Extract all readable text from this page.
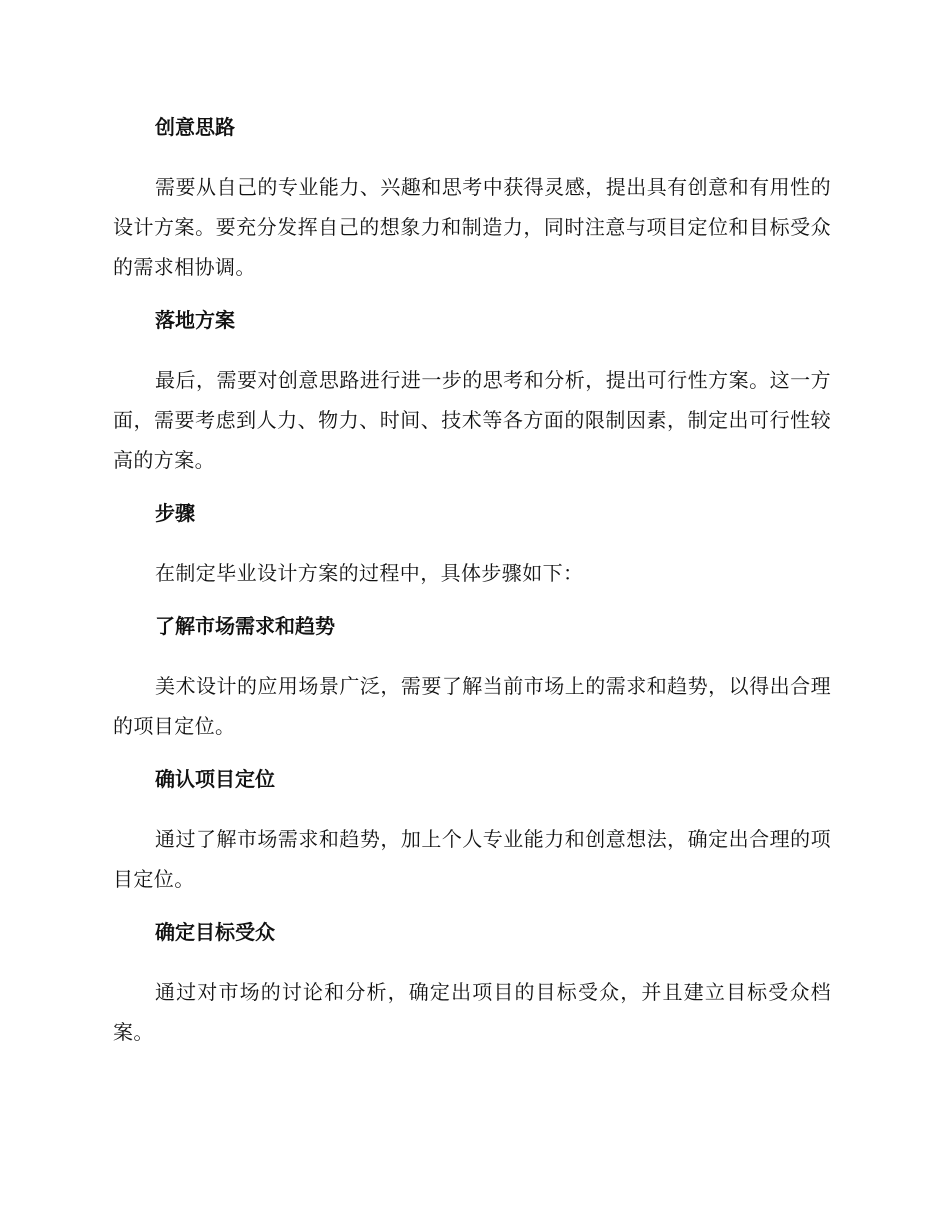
创意思路

需要从自己的专业能力、兴趣和思考中获得灵感，提出具有创意和有用性的设计方案。要充分发挥自己的想象力和制造力，同时注意与项目定位和目标受众的需求相协调。

落地方案

最后，需要对创意思路进行进一步的思考和分析，提出可行性方案。这一方面，需要考虑到人力、物力、时间、技术等各方面的限制因素，制定出可行性较高的方案。

步骤

在制定毕业设计方案的过程中，具体步骤如下：

了解市场需求和趋势

美术设计的应用场景广泛，需要了解当前市场上的需求和趋势，以得出合理的项目定位。

确认项目定位

通过了解市场需求和趋势，加上个人专业能力和创意想法，确定出合理的项目定位。

确定目标受众

通过对市场的讨论和分析，确定出项目的目标受众，并且建立目标受众档案。
